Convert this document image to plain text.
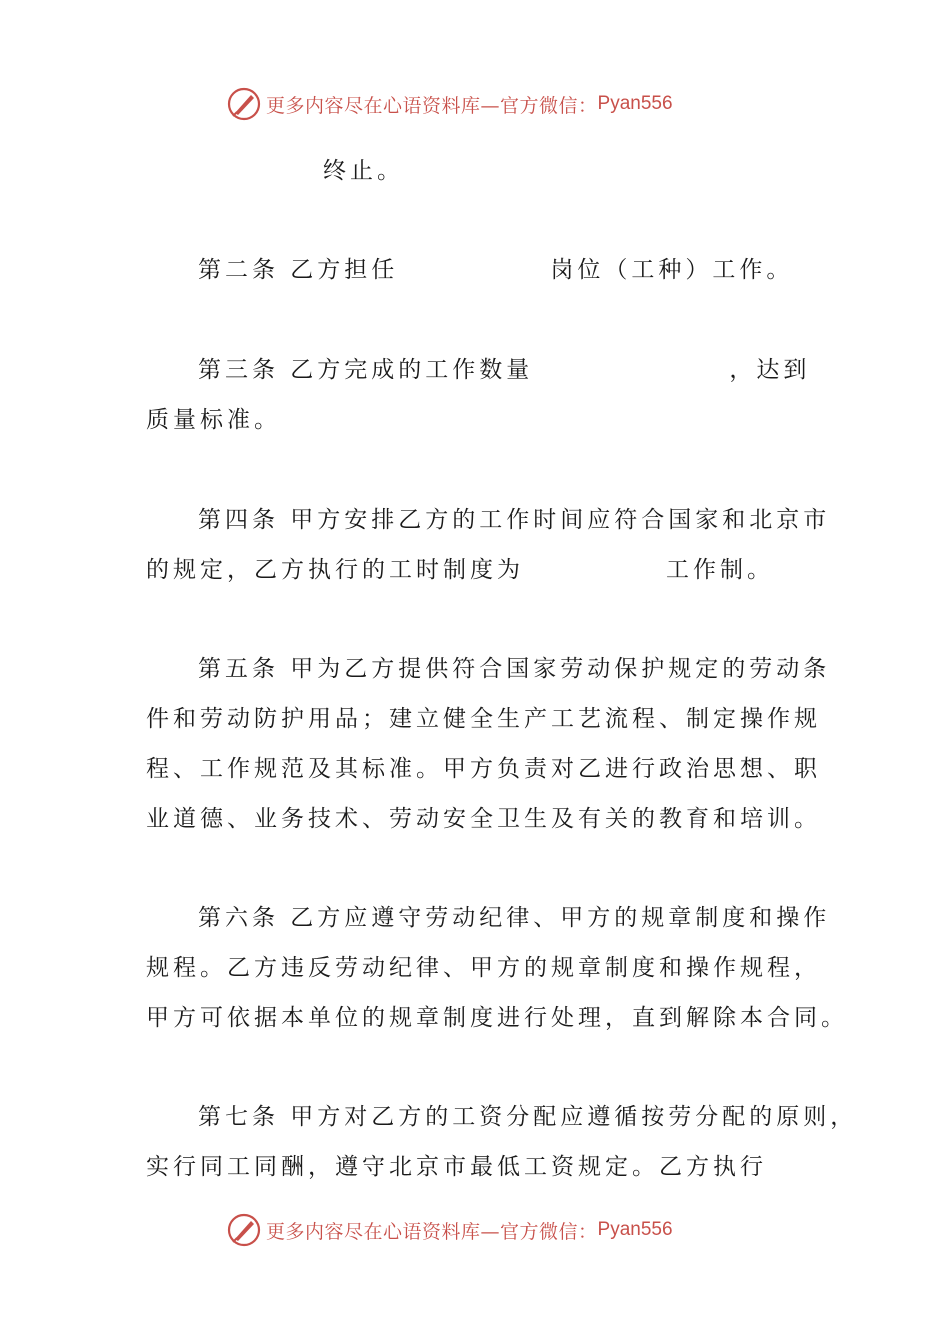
更多内容尽在心语资料库—官方微信： Pyan556
终止。
第二条 乙方担任	岗位（工种）工作。
第三条 乙方完成的工作数量	，达到
质量标准。
第四条 甲方安排乙方的工作时间应符合国家和北京市
的规定，乙方执行的工时制度为	工作制。
第五条 甲为乙方提供符合国家劳动保护规定的劳动条
件和劳动防护用品；建立健全生产工艺流程、制定操作规
程、工作规范及其标准。甲方负责对乙进行政治思想、职
业道德、业务技术、劳动安全卫生及有关的教育和培训。
第六条 乙方应遵守劳动纪律、甲方的规章制度和操作
规程。乙方违反劳动纪律、甲方的规章制度和操作规程，
甲方可依据本单位的规章制度进行处理，直到解除本合同。
第七条 甲方对乙方的工资分配应遵循按劳分配的原则，
实行同工同酬，遵守北京市最低工资规定。乙方执行
更多内容尽在心语资料库—官方微信： Pyan556
